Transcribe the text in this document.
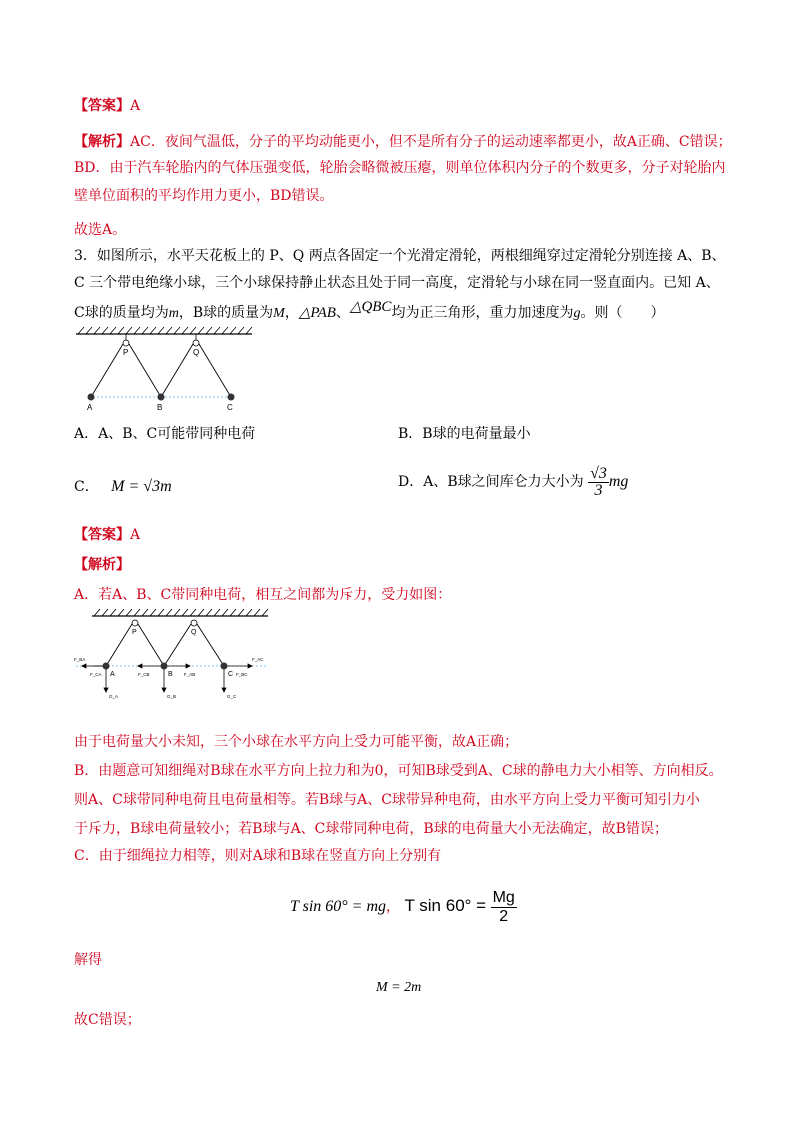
【答案】A
【解析】AC．夜间气温低，分子的平均动能更小，但不是所有分子的运动速率都更小，故A正确、C错误；
BD．由于汽车轮胎内的气体压强变低，轮胎会略微被压瘪，则单位体积内分子的个数更多，分子对轮胎内
壁单位面积的平均作用力更小，BD错误。
故选A。
3．如图所示，水平天花板上的 P、Q 两点各固定一个光滑定滑轮，两根细绳穿过定滑轮分别连接 A、B、
C 三个带电绝缘小球，三个小球保持静止状态且处于同一高度，定滑轮与小球在同一竖直面内。已知 A、
C球的质量均为m，B球的质量为M，△PAB、△QBC均为正三角形，重力加速度为g。则（　　）
P	Q
A	B	C
A．A、B、C可能带同种电荷	B．B球的电荷量最小
C． M = √3m	D．A、B球之间库仑力大小为 $\frac{√3}{3}$ mg
【答案】A
【解析】
A．若A、B、C带同种电荷，相互之间都为斥力，受力如图：
P	Q
A	B	C
F_BA
F_CA	F_CB	F_AB	F_BC
F_AC
G_A	G_B	G_C
由于电荷量大小未知，三个小球在水平方向上受力可能平衡，故A正确；
B．由题意可知细绳对B球在水平方向上拉力和为0，可知B球受到A、C球的静电力大小相等、方向相反。
则A、C球带同种电荷且电荷量相等。若B球与A、C球带异种电荷，由水平方向上受力平衡可知引力小
于斥力，B球电荷量较小；若B球与A、C球带同种电荷，B球的电荷量大小无法确定，故B错误；
C．由于细绳拉力相等，则对A球和B球在竖直方向上分别有
T sin 60° = mg， T $\sin 60^\circ = \frac{Mg}{2}$
解得
M = 2m
故C错误；
